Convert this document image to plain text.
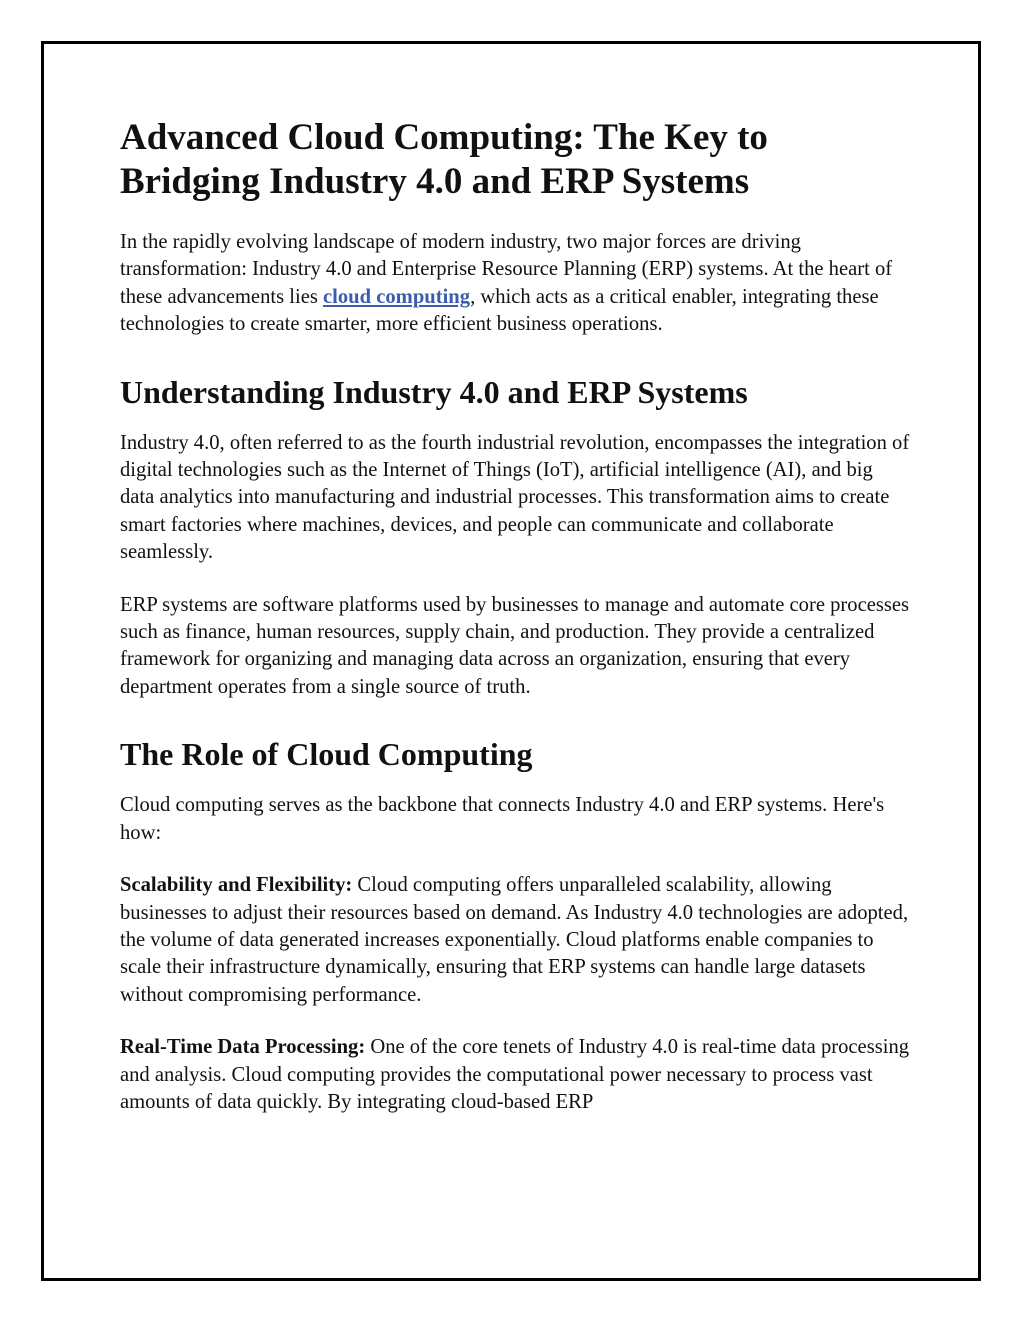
Advanced Cloud Computing: The Key to Bridging Industry 4.0 and ERP Systems

In the rapidly evolving landscape of modern industry, two major forces are driving transformation: Industry 4.0 and Enterprise Resource Planning (ERP) systems. At the heart of these advancements lies cloud computing, which acts as a critical enabler, integrating these technologies to create smarter, more efficient business operations.

Understanding Industry 4.0 and ERP Systems

Industry 4.0, often referred to as the fourth industrial revolution, encompasses the integration of digital technologies such as the Internet of Things (IoT), artificial intelligence (AI), and big data analytics into manufacturing and industrial processes. This transformation aims to create smart factories where machines, devices, and people can communicate and collaborate seamlessly.

ERP systems are software platforms used by businesses to manage and automate core processes such as finance, human resources, supply chain, and production. They provide a centralized framework for organizing and managing data across an organization, ensuring that every department operates from a single source of truth.

The Role of Cloud Computing

Cloud computing serves as the backbone that connects Industry 4.0 and ERP systems. Here's how:

Scalability and Flexibility: Cloud computing offers unparalleled scalability, allowing businesses to adjust their resources based on demand. As Industry 4.0 technologies are adopted, the volume of data generated increases exponentially. Cloud platforms enable companies to scale their infrastructure dynamically, ensuring that ERP systems can handle large datasets without compromising performance.

Real-Time Data Processing: One of the core tenets of Industry 4.0 is real-time data processing and analysis. Cloud computing provides the computational power necessary to process vast amounts of data quickly. By integrating cloud-based ERP
